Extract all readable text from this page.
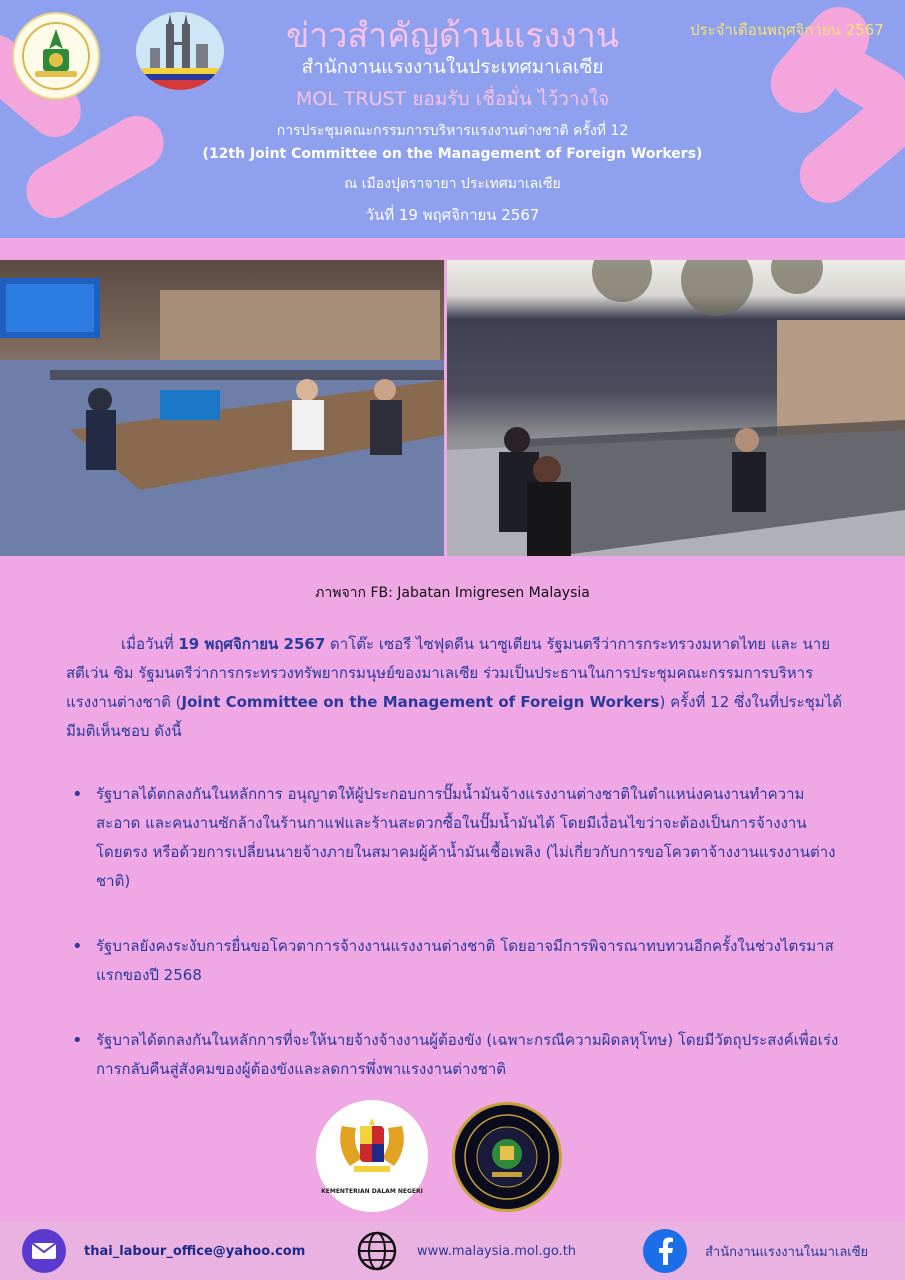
ข่าวสำคัญด้านแรงงาน	ประจำเดือนพฤศจิกายน 2567
สำนักงานแรงงานในประเทศมาเลเซีย
MOL TRUST ยอมรับ เชื่อมั่น ไว้วางใจ
การประชุมคณะกรรมการบริหารแรงงานต่างชาติ ครั้งที่ 12
(12th Joint Committee on the Management of Foreign Workers)
ณ เมืองปุตราจายา ประเทศมาเลเซีย
วันที่ 19 พฤศจิกายน 2567
ภาพจาก FB: Jabatan Imigresen Malaysia

เมื่อวันที่ 19 พฤศจิกายน 2567 ดาโต๊ะ เซอรี ไซฟุดดีน นาซูเตียน รัฐมนตรีว่าการกระทรวงมหาดไทย และ นาย สตีเว่น ซิม รัฐมนตรีว่าการกระทรวงทรัพยากรมนุษย์ของมาเลเซีย ร่วมเป็นประธานในการประชุมคณะกรรมการบริหารแรงงานต่างชาติ (Joint Committee on the Management of Foreign Workers) ครั้งที่ 12 ซึ่งในที่ประชุมได้มีมติเห็นชอบ ดังนี้

• รัฐบาลได้ตกลงกันในหลักการ อนุญาตให้ผู้ประกอบการปั๊มน้ำมันจ้างแรงงานต่างชาติในตำแหน่งคนงานทำความสะอาด และคนงานซักล้างในร้านกาแฟและร้านสะดวกซื้อในปั๊มน้ำมันได้ โดยมีเงื่อนไขว่าจะต้องเป็นการจ้างงานโดยตรง หรือด้วยการเปลี่ยนนายจ้างภายในสมาคมผู้ค้าน้ำมันเชื้อเพลิง (ไม่เกี่ยวกับการขอโควตาจ้างงานแรงงานต่างชาติ)
• รัฐบาลยังคงระงับการยื่นขอโควตาการจ้างงานแรงงานต่างชาติ โดยอาจมีการพิจารณาทบทวนอีกครั้งในช่วงไตรมาสแรกของปี 2568
• รัฐบาลได้ตกลงกันในหลักการที่จะให้นายจ้างจ้างงานผู้ต้องขัง (เฉพาะกรณีความผิดลหุโทษ) โดยมีวัตถุประสงค์เพื่อเร่งการกลับคืนสู่สังคมของผู้ต้องขังและลดการพึ่งพาแรงงานต่างชาติ
KEMENTERIAN DALAM NEGERI
thai_labour_office@yahoo.com	www.malaysia.mol.go.th	สำนักงานแรงงานในมาเลเซีย
